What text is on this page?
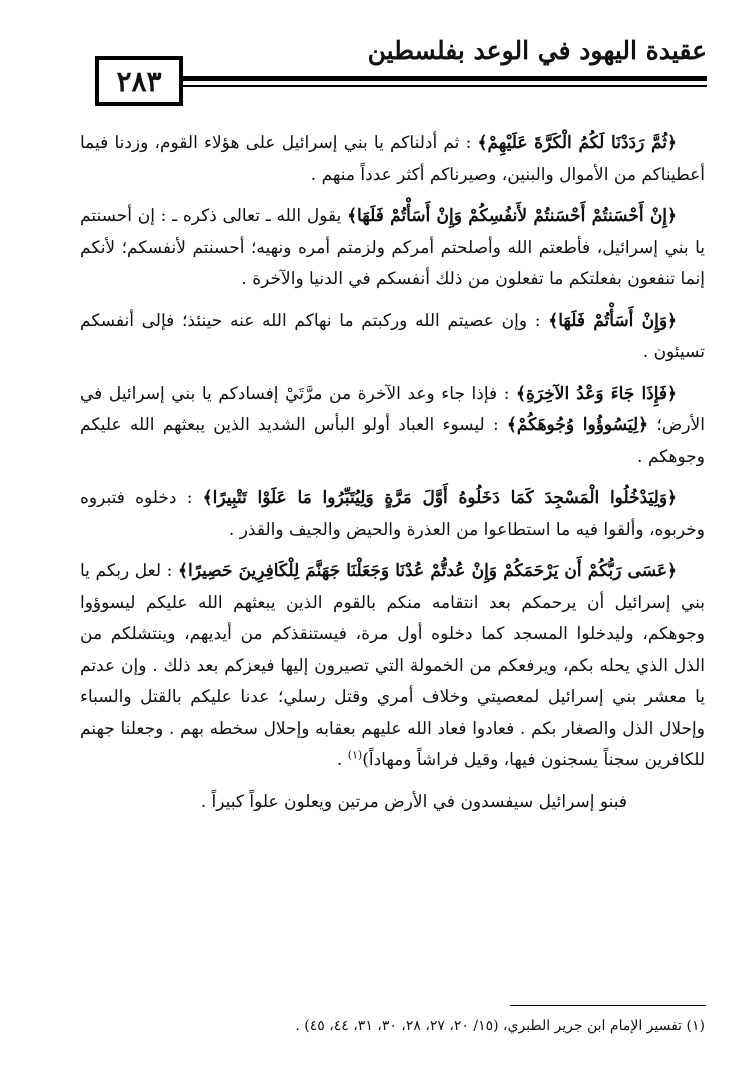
٢٨٣
عقيدة اليهود في الوعد بفلسطين

﴿ثُمَّ رَدَدْنَا لَكُمُ الْكَرَّةَ عَلَيْهِمْ﴾ : ثم أدلناكم يا بني إسرائيل على هؤلاء القوم، وزدنا فيما أعطيناكم من الأموال والبنين، وصيرناكم أكثر عدداً منهم .

﴿إِنْ أَحْسَنتُمْ أَحْسَنتُمْ لأَنفُسِكُمْ وَإِنْ أَسَأْتُمْ فَلَهَا﴾ يقول الله ـ تعالى ذكره ـ : إن أحسنتم يا بني إسرائيل، فأطعتم الله وأصلحتم أمركم ولزمتم أمره ونهيه؛ أحسنتم لأنفسكم؛ لأنكم إنما تنفعون بفعلتكم ما تفعلون من ذلك أنفسكم في الدنيا والآخرة .

﴿وَإِنْ أَسَأْتُمْ فَلَهَا﴾ : وإن عصيتم الله وركبتم ما نهاكم الله عنه حينئذ؛ فإلى أنفسكم تسيئون .

﴿فَإِذَا جَاءَ وَعْدُ الآخِرَةِ﴾ : فإذا جاء وعد الآخرة من مرَّتَيْ إفسادكم يا بني إسرائيل في الأرض؛ ﴿لِيَسُوؤُوا وُجُوهَكُمْ﴾ : ليسوء العباد أولو البأس الشديد الذين يبعثهم الله عليكم وجوهكم .

﴿وَلِيَدْخُلُوا الْمَسْجِدَ كَمَا دَخَلُوهُ أَوَّلَ مَرَّةٍ وَلِيُتَبِّرُوا مَا عَلَوْا تَتْبِيرًا﴾ : دخلوه فتبروه وخربوه، وألقوا فيه ما استطاعوا من العذرة والحيض والجيف والقذر .

﴿عَسَى رَبُّكُمْ أَن يَرْحَمَكُمْ وَإِنْ عُدتُّمْ عُدْنَا وَجَعَلْنَا جَهَنَّمَ لِلْكَافِرِينَ حَصِيرًا﴾ : لعل ربكم يا بني إسرائيل أن يرحمكم بعد انتقامه منكم بالقوم الذين يبعثهم الله عليكم ليسوؤوا وجوهكم، وليدخلوا المسجد كما دخلوه أول مرة، فيستنقذكم من أيديهم، وينتشلكم من الذل الذي يحله بكم، ويرفعكم من الخمولة التي تصيرون إليها فيعزكم بعد ذلك . وإن عدتم يا معشر بني إسرائيل لمعصيتي وخلاف أمري وقتل رسلي؛ عدنا عليكم بالقتل والسباء وإحلال الذل والصغار بكم . فعادوا فعاد الله عليهم بعقابه وإحلال سخطه بهم . وجعلنا جهنم للكافرين سجناً يسجنون فيها، وقيل فراشاً ومهاداً)$^{(١)}$ .

فبنو إسرائيل سيفسدون في الأرض مرتين ويعلون علواً كبيراً .

(١) تفسير الإمام ابن جرير الطبري، (١٥/ ٢٠، ٢٧، ٢٨، ٣٠، ٣١، ٤٤، ٤٥) .
